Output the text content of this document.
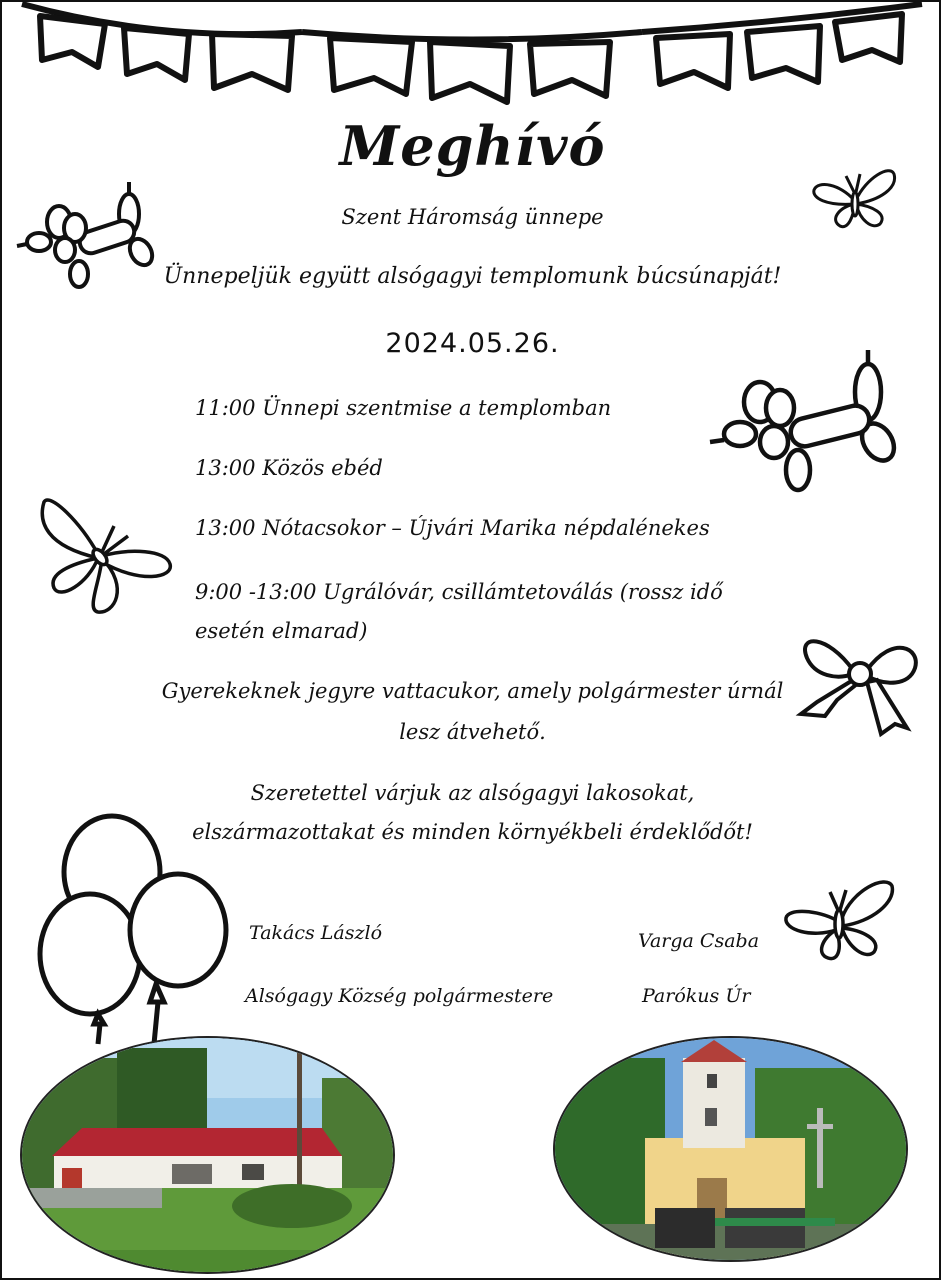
Meghívó
Szent Háromság ünnepe
Ünnepeljük együtt alsógagyi templomunk búcsúnapját!
2024.05.26.
11:00 Ünnepi szentmise a templomban
13:00 Közös ebéd
13:00 Nótacsokor – Újvári Marika népdalénekes
9:00 -13:00 Ugrálóvár, csillámtetoválás (rossz idő
esetén elmarad)
Gyerekeknek jegyre vattacukor, amely polgármester úrnál
lesz átvehető.
Szeretettel várjuk az alsógagyi lakosokat,
elszármazottakat és minden környékbeli érdeklődőt!
Takács László
Alsógagy Község polgármestere
Varga Csaba
Parókus Úr
